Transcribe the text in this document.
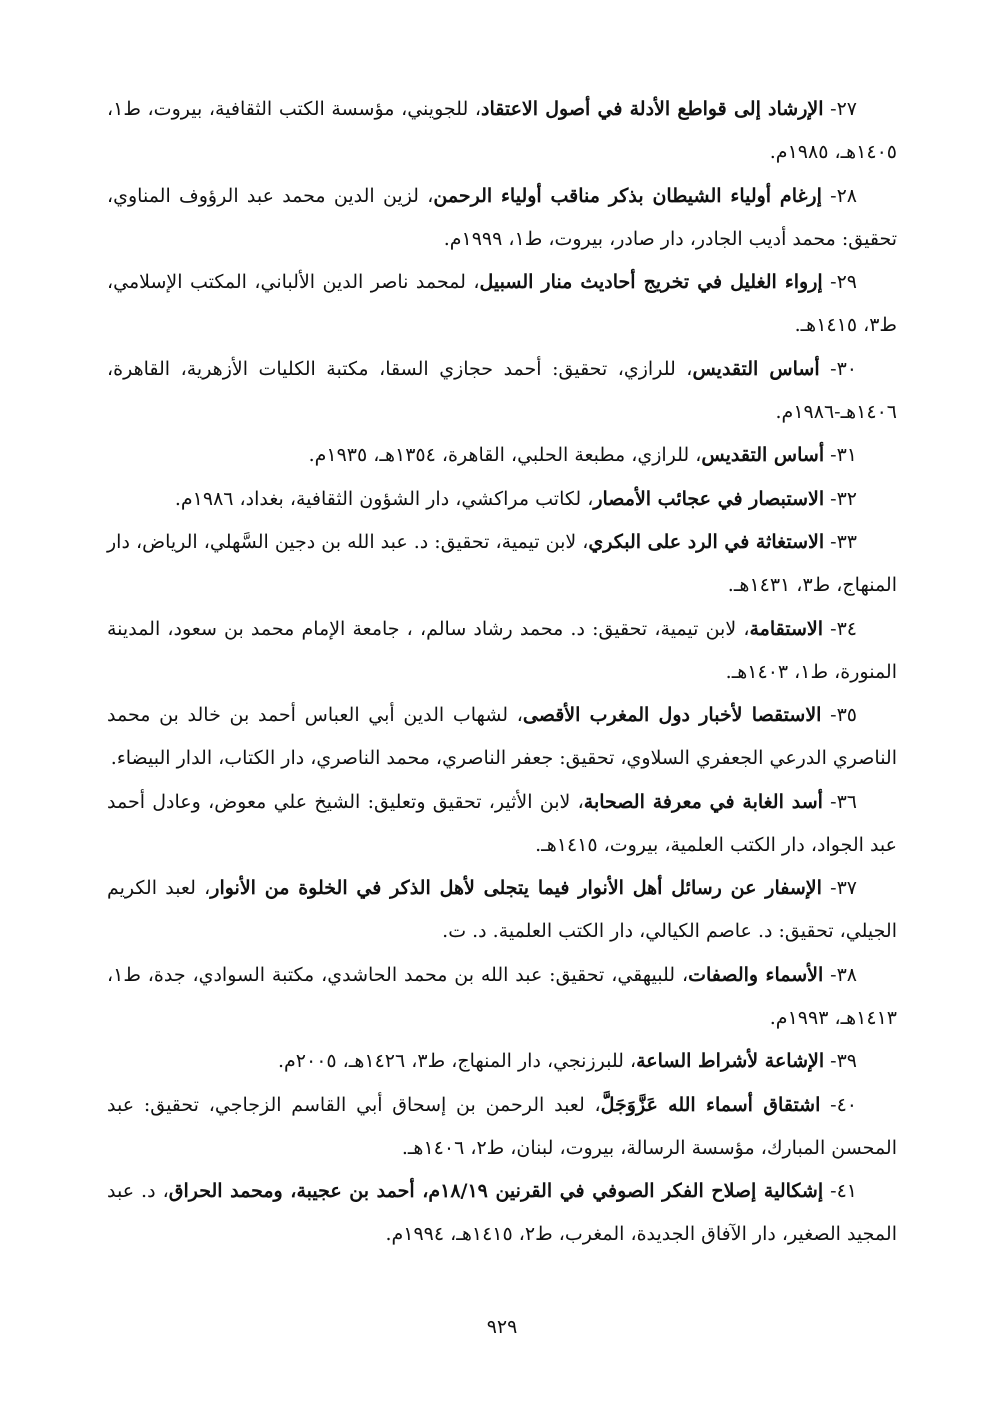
٢٧- الإرشاد إلى قواطع الأدلة في أصول الاعتقاد، للجويني، مؤسسة الكتب الثقافية، بيروت، ط١، ١٤٠٥هـ، ١٩٨٥م.

٢٨- إرغام أولياء الشيطان بذكر مناقب أولياء الرحمن، لزين الدين محمد عبد الرؤوف المناوي، تحقيق: محمد أديب الجادر، دار صادر، بيروت، ط١، ١٩٩٩م.

٢٩- إرواء الغليل في تخريج أحاديث منار السبيل، لمحمد ناصر الدين الألباني، المكتب الإسلامي، ط٣، ١٤١٥هـ.

٣٠- أساس التقديس، للرازي، تحقيق: أحمد حجازي السقا، مكتبة الكليات الأزهرية، القاهرة، ١٤٠٦هـ-١٩٨٦م.

٣١- أساس التقديس، للرازي، مطبعة الحلبي، القاهرة، ١٣٥٤هـ، ١٩٣٥م.

٣٢- الاستبصار في عجائب الأمصار، لكاتب مراكشي، دار الشؤون الثقافية، بغداد، ١٩٨٦م.

٣٣- الاستغاثة في الرد على البكري، لابن تيمية، تحقيق: د. عبد الله بن دجين السَّهلي، الرياض، دار المنهاج، ط٣، ١٤٣١هـ.

٣٤- الاستقامة، لابن تيمية، تحقيق: د. محمد رشاد سالم، ، جامعة الإمام محمد بن سعود، المدينة المنورة، ط١، ١٤٠٣هـ.

٣٥- الاستقصا لأخبار دول المغرب الأقصى، لشهاب الدين أبي العباس أحمد بن خالد بن محمد الناصري الدرعي الجعفري السلاوي، تحقيق: جعفر الناصري، محمد الناصري، دار الكتاب، الدار البيضاء.

٣٦- أسد الغابة في معرفة الصحابة، لابن الأثير، تحقيق وتعليق: الشيخ علي معوض، وعادل أحمد عبد الجواد، دار الكتب العلمية، بيروت، ١٤١٥هـ.

٣٧- الإسفار عن رسائل أهل الأنوار فيما يتجلى لأهل الذكر في الخلوة من الأنوار، لعبد الكريم الجيلي، تحقيق: د. عاصم الكيالي، دار الكتب العلمية. د. ت.

٣٨- الأسماء والصفات، للبيهقي، تحقيق: عبد الله بن محمد الحاشدي، مكتبة السوادي، جدة، ط١، ١٤١٣هـ، ١٩٩٣م.

٣٩- الإشاعة لأشراط الساعة، للبرزنجي، دار المنهاج، ط٣، ١٤٢٦هـ، ٢٠٠٥م.

٤٠- اشتقاق أسماء الله عَزَّوَجَلَّ، لعبد الرحمن بن إسحاق أبي القاسم الزجاجي، تحقيق: عبد المحسن المبارك، مؤسسة الرسالة، بيروت، لبنان، ط٢، ١٤٠٦هـ.

٤١- إشكالية إصلاح الفكر الصوفي في القرنين ١٨/١٩م، أحمد بن عجيبة، ومحمد الحراق، د. عبد المجيد الصغير، دار الآفاق الجديدة، المغرب، ط٢، ١٤١٥هـ، ١٩٩٤م.

٩٢٩
